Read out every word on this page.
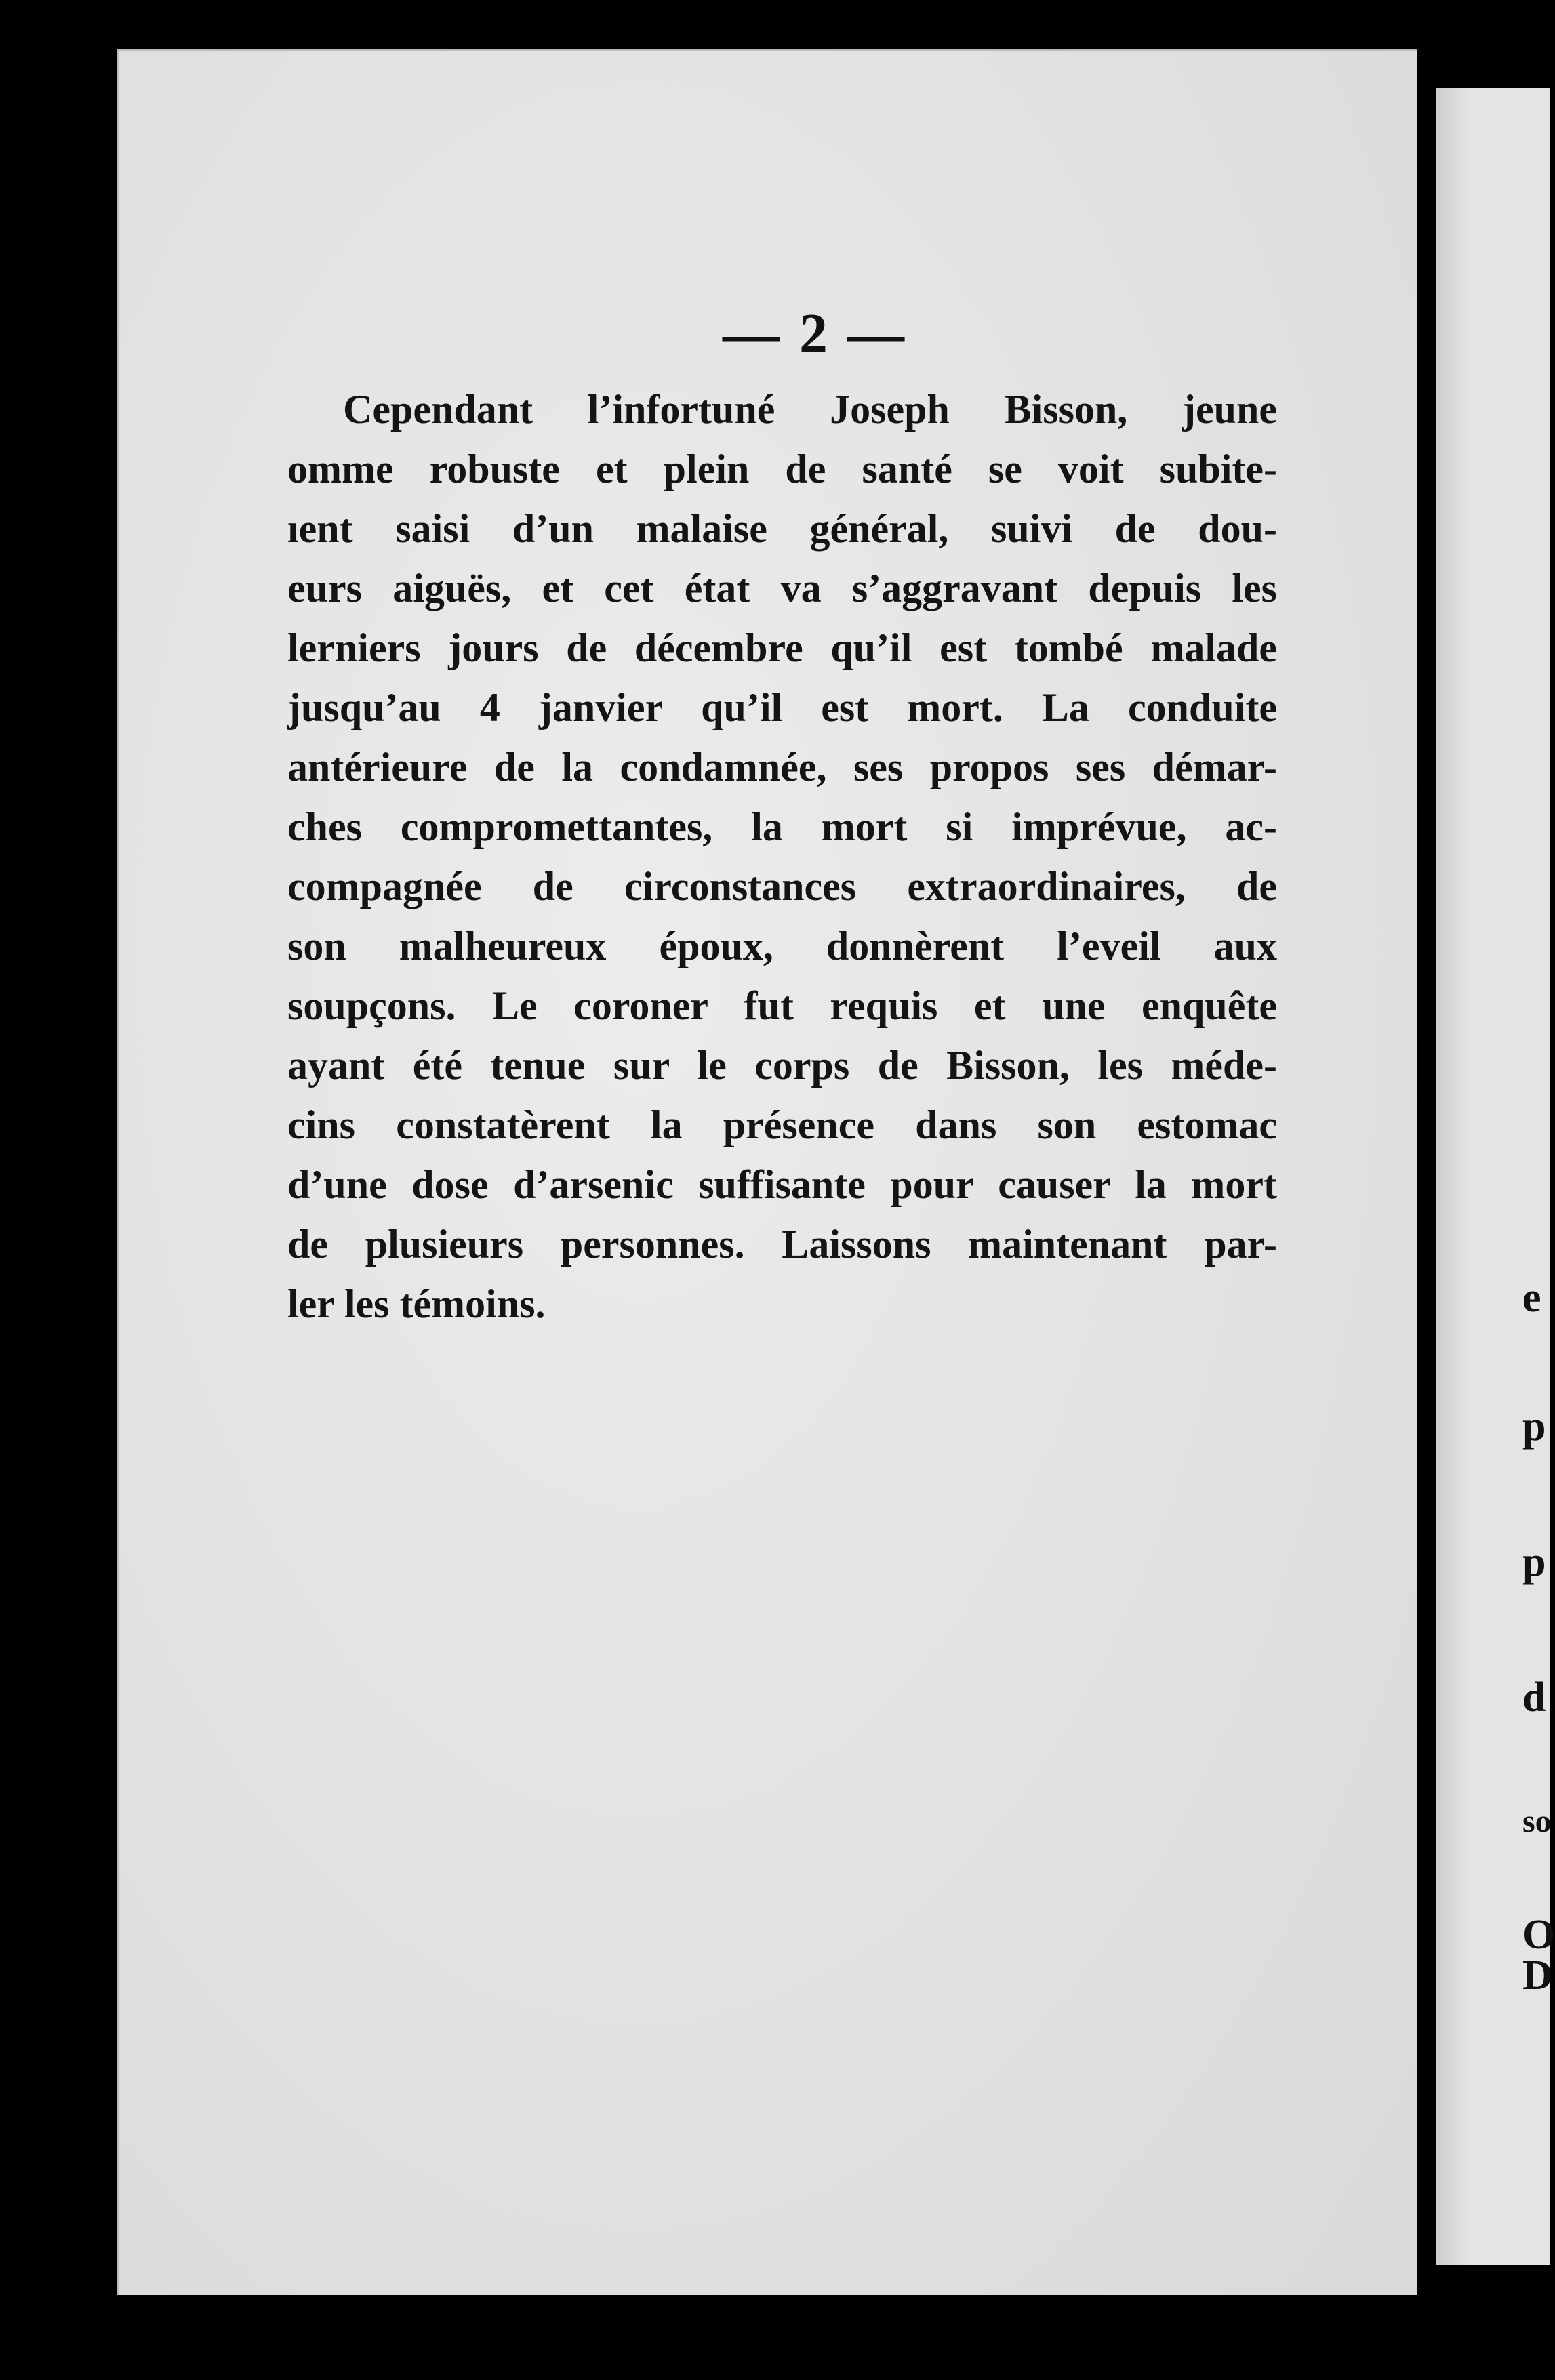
— 2 —
Cependant l’infortuné Joseph Bisson, jeune
omme robuste et plein de santé se voit subite-
ıent saisi d’un malaise général, suivi de dou-
eurs aiguës, et cet état va s’aggravant depuis les
lerniers jours de décembre qu’il est tombé malade
jusqu’au 4 janvier qu’il est mort. La conduite
antérieure de la condamnée, ses propos ses démar-
ches compromettantes, la mort si imprévue, ac-
compagnée de circonstances extraordinaires, de
son malheureux époux, donnèrent l’eveil aux
soupçons. Le coroner fut requis et une enquête
ayant été tenue sur le corps de Bisson, les méde-
cins constatèrent la présence dans son estomac
d’une dose d’arsenic suffisante pour causer la mort
de plusieurs personnes. Laissons maintenant par-
ler les témoins.	e
p
p
d
so
O
D
